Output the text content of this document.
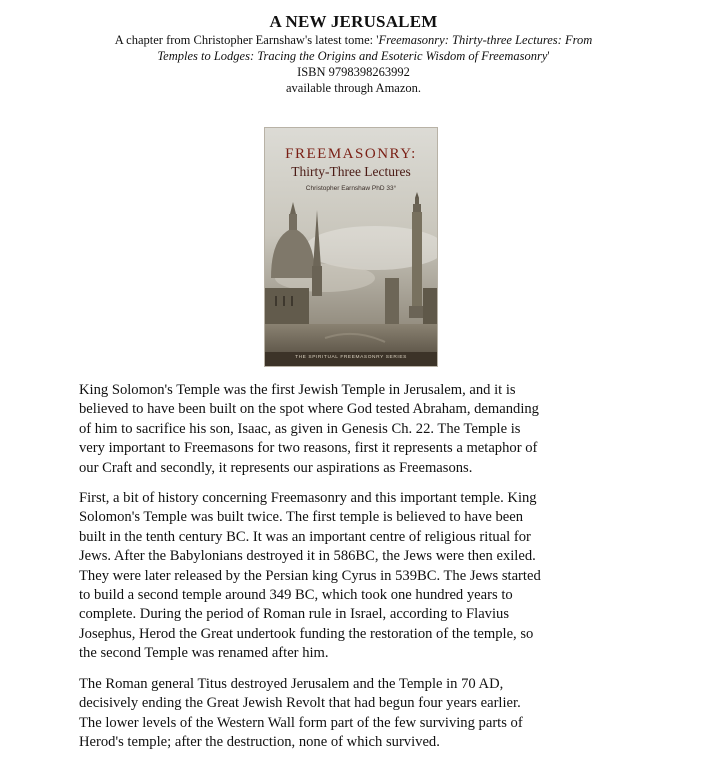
A NEW JERUSALEM
A chapter from Christopher Earnshaw's latest tome: 'Freemasonry: Thirty-three Lectures: From
Temples to Lodges: Tracing the Origins and Esoteric Wisdom of Freemasonry'
ISBN 9798398263992
available through Amazon.
FREEMASONRY:
Thirty-Three Lectures
Christopher Earnshaw PhD 33°
THE SPIRITUAL FREEMASONRY SERIES

King Solomon's Temple was the first Jewish Temple in Jerusalem, and it is
believed to have been built on the spot where God tested Abraham, demanding
of him to sacrifice his son, Isaac, as given in Genesis Ch. 22. The Temple is
very important to Freemasons for two reasons, first it represents a metaphor of
our Craft and secondly, it represents our aspirations as Freemasons.

First, a bit of history concerning Freemasonry and this important temple. King
Solomon's Temple was built twice. The first temple is believed to have been
built in the tenth century BC. It was an important centre of religious ritual for
Jews. After the Babylonians destroyed it in 586BC, the Jews were then exiled.
They were later released by the Persian king Cyrus in 539BC. The Jews started
to build a second temple around 349 BC, which took one hundred years to
complete. During the period of Roman rule in Israel, according to Flavius
Josephus, Herod the Great undertook funding the restoration of the temple, so
the second Temple was renamed after him.

The Roman general Titus destroyed Jerusalem and the Temple in 70 AD,
decisively ending the Great Jewish Revolt that had begun four years earlier.
The lower levels of the Western Wall form part of the few surviving parts of
Herod's temple; after the destruction, none of which survived.
